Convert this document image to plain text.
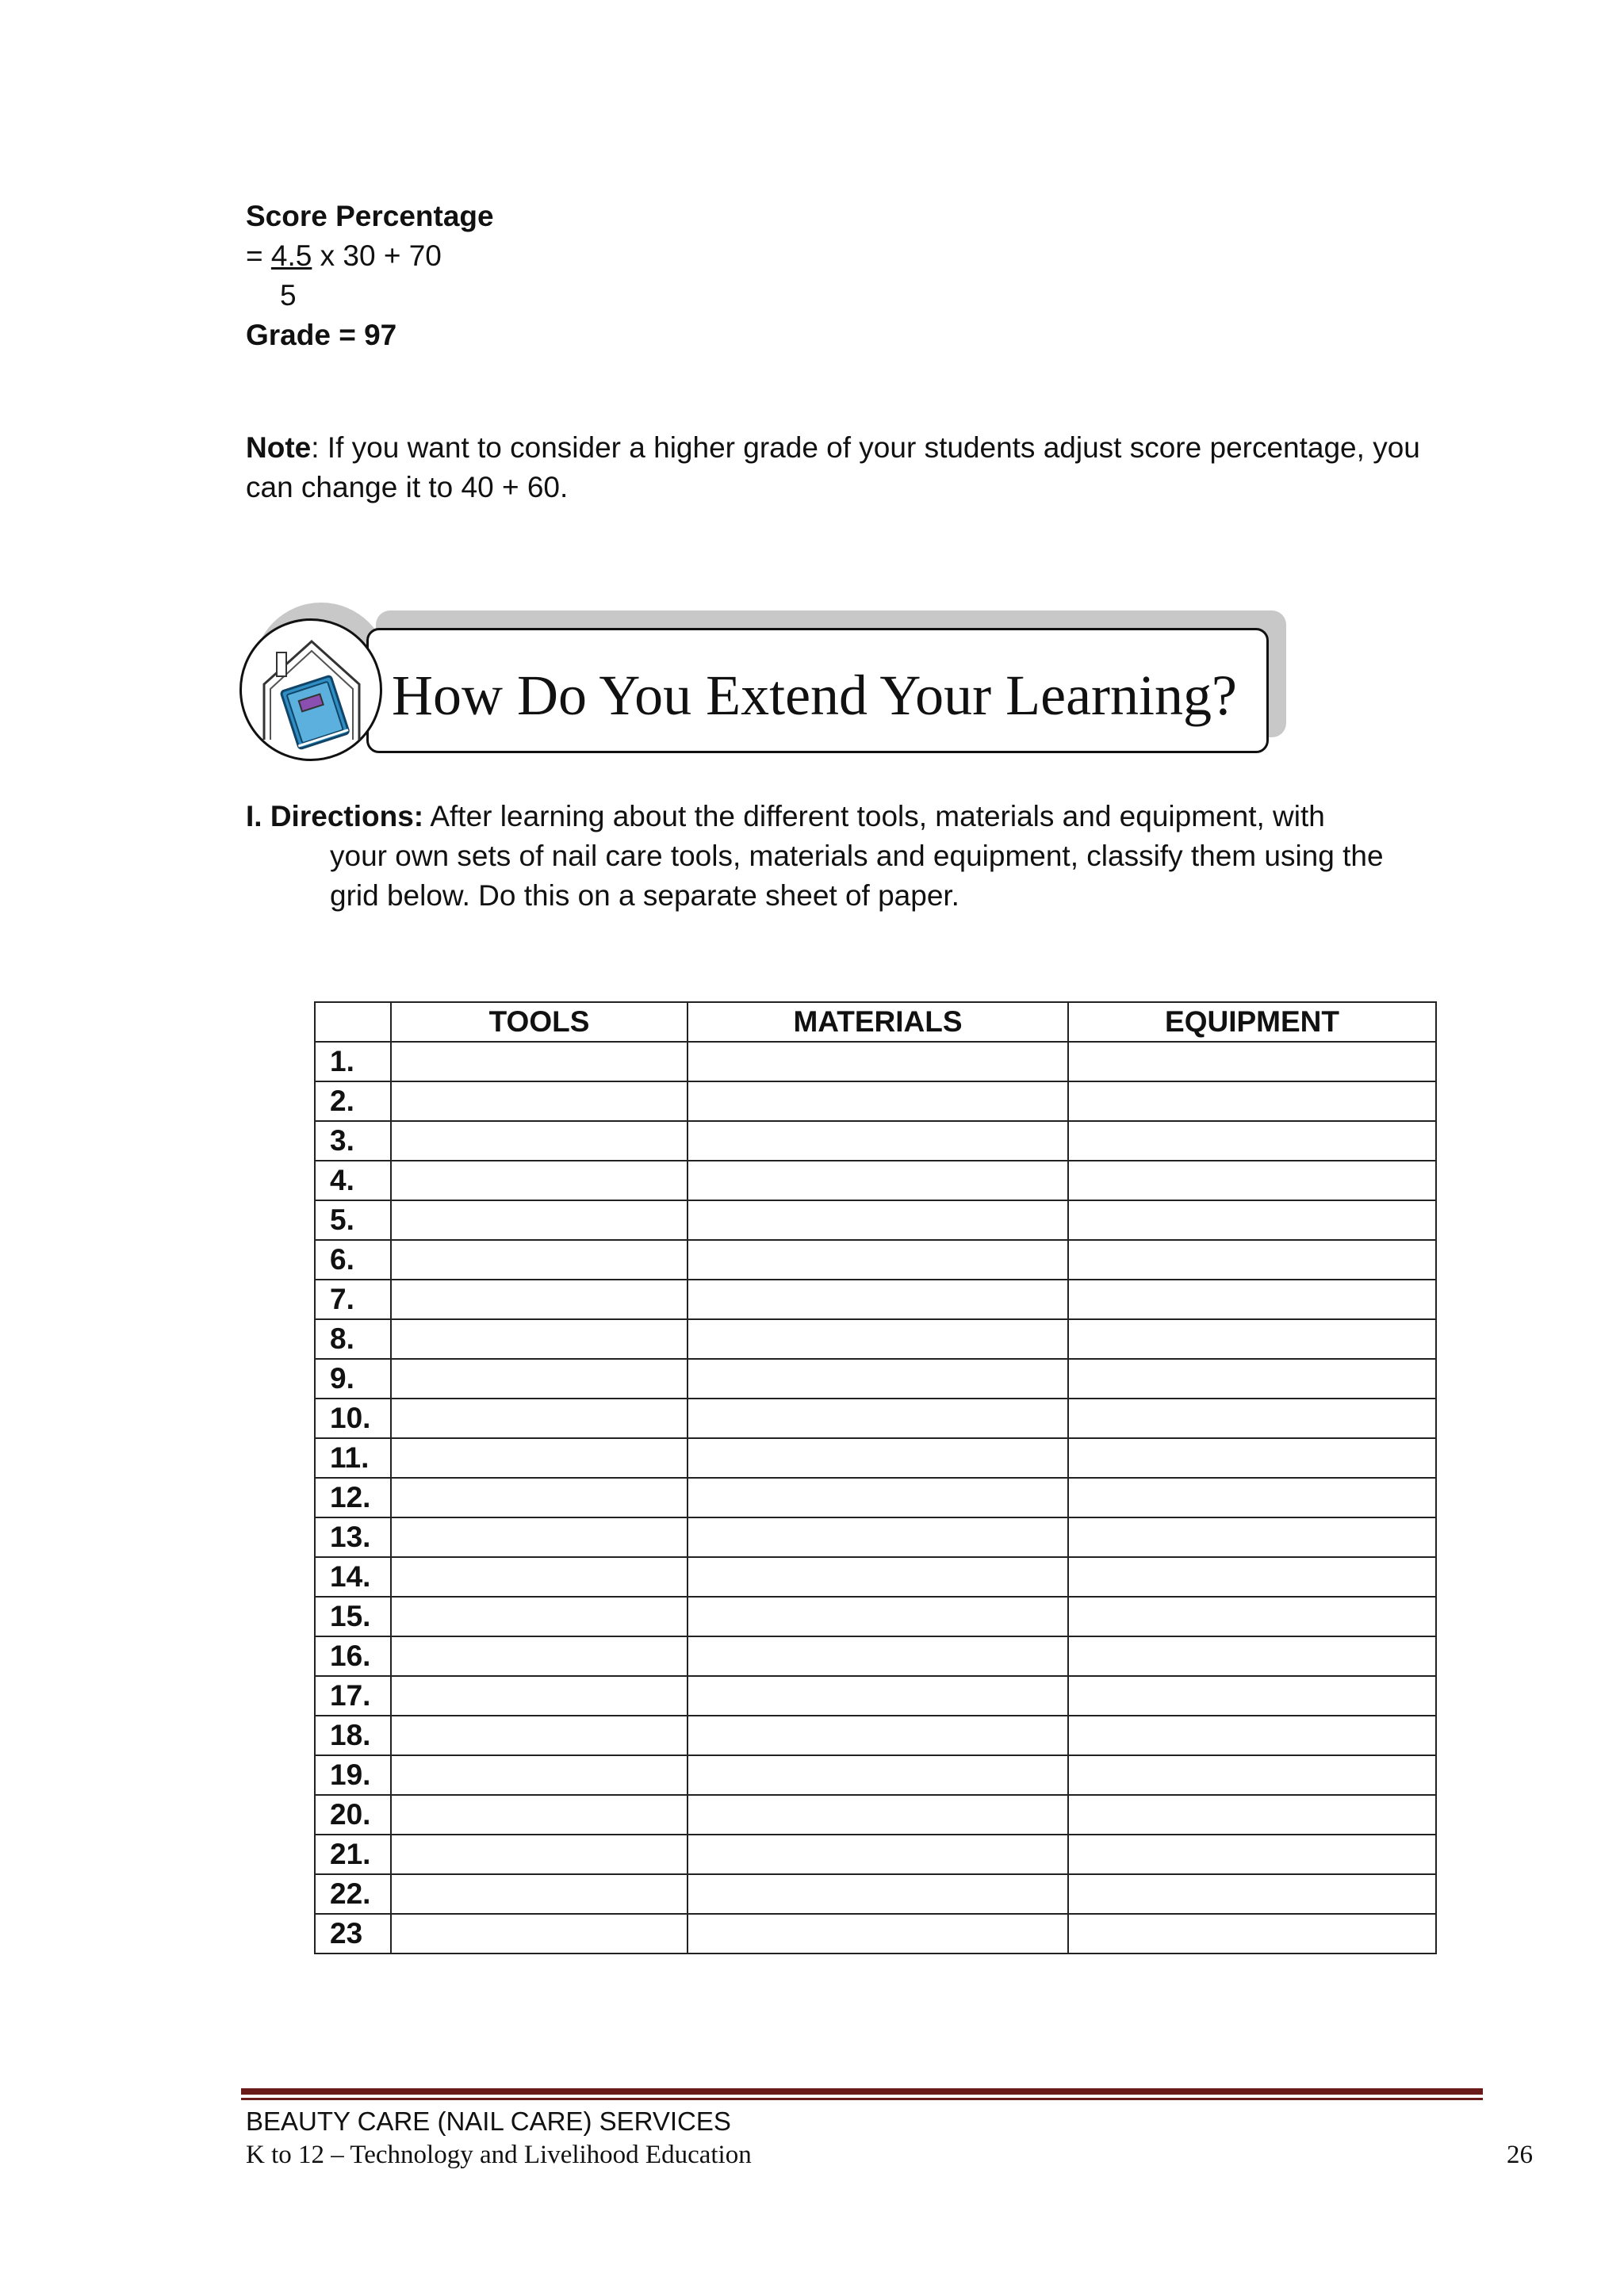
Score Percentage
= 4.5 x 30 + 70
5
Grade = 97
Note: If you want to consider a higher grade of your students adjust score percentage, you can change it to 40 + 60.
How Do You Extend Your Learning?
I. Directions: After learning about the different tools, materials and equipment, with
your own sets of nail care tools, materials and equipment, classify them using the grid below. Do this on a separate sheet of paper.
	TOOLS	MATERIALS	EQUIPMENT
1.			
2.			
3.			
4.			
5.			
6.			
7.			
8.			
9.			
10.			
11.			
12.			
13.			
14.			
15.			
16.			
17.			
18.			
19.			
20.			
21.			
22.			
23			
BEAUTY CARE (NAIL CARE) SERVICES
K to 12 – Technology and Livelihood Education	26
